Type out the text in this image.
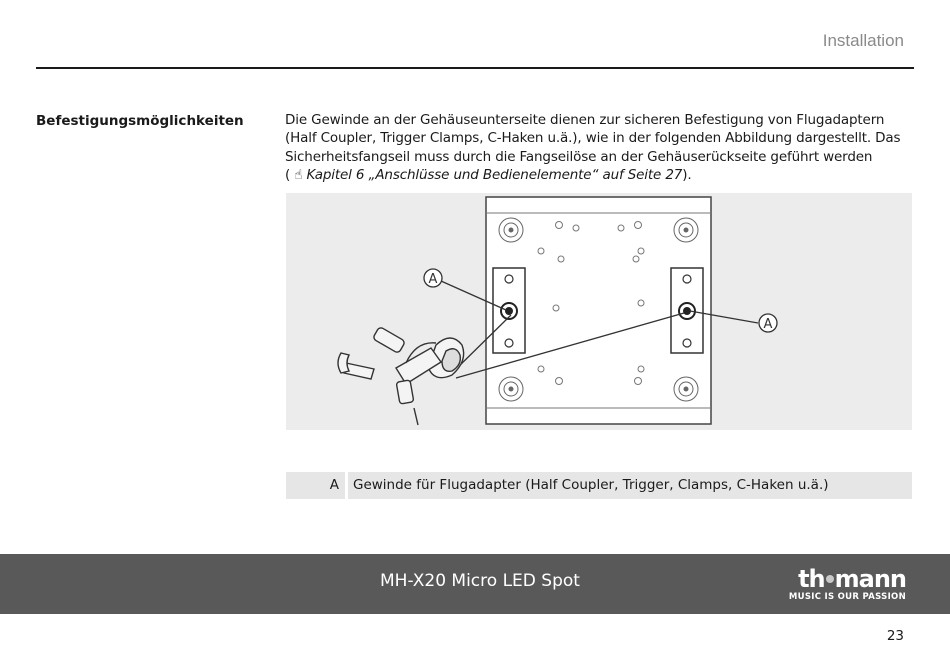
Installation
Befestigungsmöglichkeiten	Die Gewinde an der Gehäuseunterseite dienen zur sicheren Befestigung von Flugadaptern

(Half Coupler, Trigger Clamps, C-Haken u.ä.), wie in der folgenden Abbildung dargestellt. Das

Sicherheitsfangseil muss durch die Fangseilöse an der Gehäuserückseite geführt werden

( ☝ Kapitel 6 „Anschlüsse und Bedienelemente“ auf Seite 27).

A
A
A	Gewinde für Flugadapter (Half Coupler, Trigger, Clamps, C-Haken u.ä.)
MH-X20 Micro LED Spot	th mann
MUSIC IS OUR PASSION
23
